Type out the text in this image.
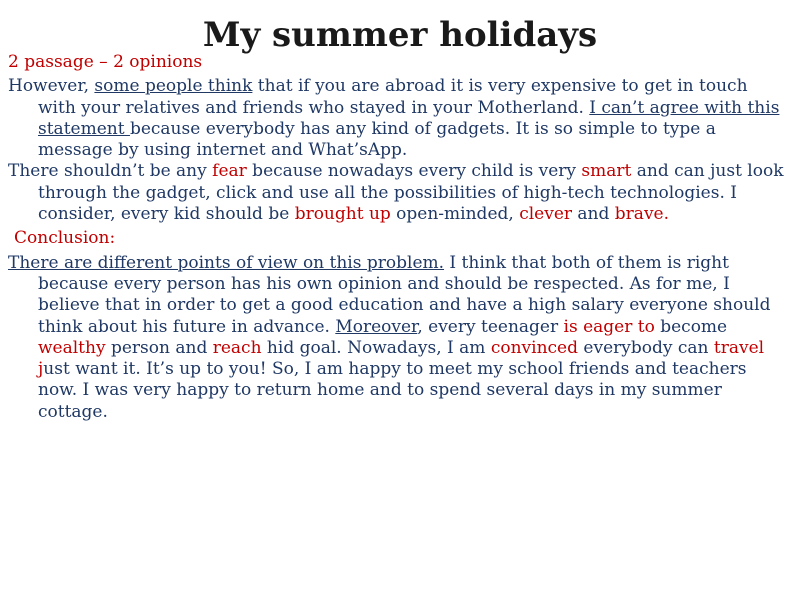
My summer holidays

2 passage – 2 opinions

However, some people think that if you are abroad it is very expensive to get in touch with your relatives and friends who stayed in your Motherland. I can’t agree with this statement because everybody has any kind of gadgets. It is so simple to type a message by using internet and What’sApp.

There shouldn’t be any fear because nowadays every child is very smart and can just look through the gadget, click and use all the possibilities of high-tech technologies. I consider, every kid should be brought up open-minded, clever and brave.

Conclusion:

There are different points of view on this problem. I think that both of them is right because every person has his own opinion and should be respected. As for me, I believe that in order to get a good education and have a high salary everyone should think about his future in advance. Moreover, every teenager is eager to become wealthy person and reach hid goal. Nowadays, I am convinced everybody can travel just want it. It’s up to you! So, I am happy to meet my school friends and teachers now. I was very happy to return home and to spend several days in my summer cottage.
